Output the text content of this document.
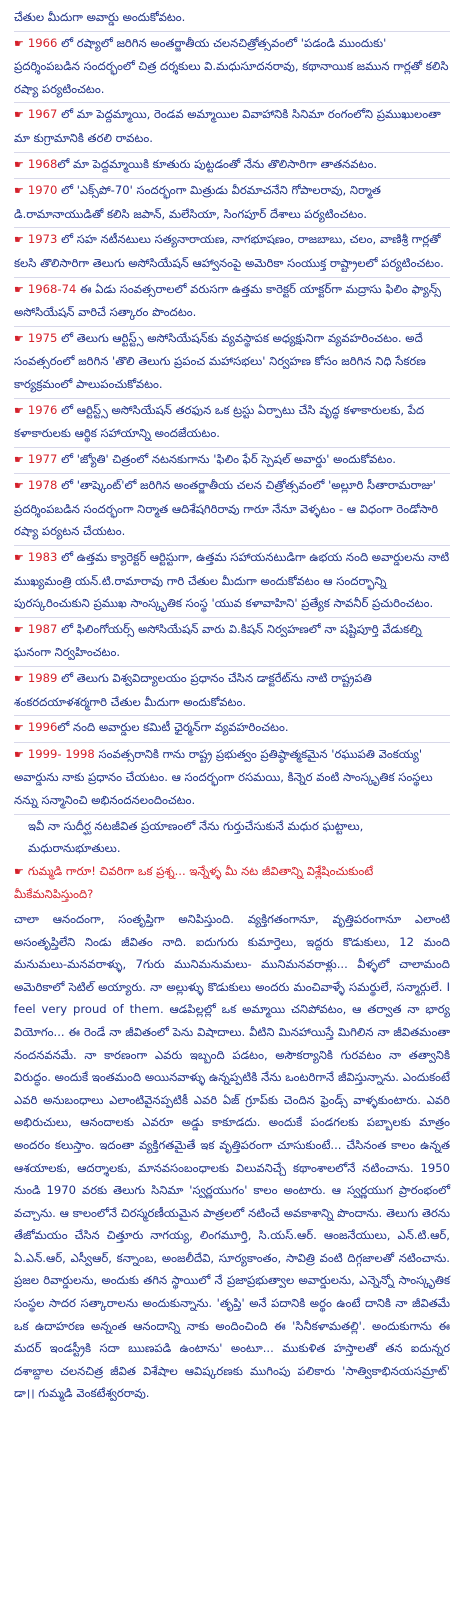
చేతుల మీదుగా అవార్డు అందుకోవటం.

☛ 1966 లో రష్యాలో జరిగిన అంతర్జాతీయ చలనచిత్రోత్సవంలో 'పడండి ముందుకు' ప్రదర్శింపబడిన సందర్భంలో చిత్ర దర్శకులు వి.మధుసూదనరావు, కథానాయిక జమున గార్లతో కలిసి రష్యా పర్యటించటం.

☛ 1967 లో మా పెద్దమ్మాయి, రెండవ అమ్మాయిల వివాహానికి సినిమా రంగంలోని ప్రముఖులంతా మా కుగ్రామానికి తరలి రావటం.

☛ 1968లో మా పెద్దమ్మాయికి కూతురు పుట్టడంతో నేను తొలిసారిగా తాతనవటం.

☛ 1970 లో 'ఎక్స్‌పో-70' సందర్భంగా మిత్రుడు వీరమాచనేని గోపాలరావు, నిర్మాత డి.రామానాయుడితో కలిసి జపాన్, మలేసియా, సింగపూర్ దేశాలు పర్యటించటం.

☛ 1973 లో సహ నటీనటులు సత్యనారాయణ, నాగభూషణం, రాజబాబు, చలం, వాణిశ్రీ గార్లతో కలసి తొలిసారిగా తెలుగు అసోసియేషన్ ఆహ్వానంపై అమెరికా సంయుక్త రాష్ట్రాలలో పర్యటించటం.

☛ 1968-74 ఈ ఏడు సంవత్సరాలలో వరుసగా ఉత్తమ కారెక్టర్ యాక్టర్‌గా మద్రాసు ఫిలిం ఫ్యాన్స్ అసోసియేషన్ వారిచే సత్కారం పొందటం.

☛ 1975 లో తెలుగు ఆర్టిస్ట్స్ అసోసియేషన్‌కు వ్యవస్థాపక అధ్యక్షునిగా వ్యవహరించటం. అదే సంవత్సరంలో జరిగిన 'తొలి తెలుగు ప్రపంచ మహాసభలు' నిర్వహణ కోసం జరిగిన నిధి సేకరణ కార్యక్రమంలో పాలుపంచుకోవటం.

☛ 1976 లో ఆర్టిస్ట్స్ అసోసియేషన్ తరఫున ఒక ట్రస్టు ఏర్పాటు చేసి వృద్ధ కళాకారులకు, పేద కళాకారులకు ఆర్థిక సహాయాన్ని అందజేయటం.

☛ 1977 లో 'జ్యోతి' చిత్రంలో నటనకుగాను 'ఫిలిం ఫేర్ స్పెషల్ అవార్డు' అందుకోవటం.

☛ 1978 లో 'తాష్కెంట్'లో జరిగిన అంతర్జాతీయ చలన చిత్రోత్సవంలో 'అల్లూరి సీతారామరాజు' ప్రదర్శింపబడిన సందర్భంగా నిర్మాత ఆదిశేషగిరిరావు గారూ నేనూ వెళ్ళటం - ఆ విధంగా రెండోసారి రష్యా పర్యటన చేయటం.

☛ 1983 లో ఉత్తమ క్యారెక్టర్ ఆర్టిస్టుగా, ఉత్తమ సహాయనటుడిగా ఉభయ నంది అవార్డులను నాటి ముఖ్యమంత్రి యన్.టి.రామారావు గారి చేతుల మీదుగా అందుకోవటం ఆ సందర్భాన్ని పురస్కరించుకుని ప్రముఖ సాంస్కృతిక సంస్థ 'యువ కళావాహిని' ప్రత్యేక సావనీర్ ప్రచురించటం.

☛ 1987 లో ఫిలింగోయర్స్ అసోసియేషన్ వారు వి.కిషన్ నిర్వహణలో నా షష్టిపూర్తి వేడుకల్ని ఘనంగా నిర్వహించటం.

☛ 1989 లో తెలుగు విశ్వవిద్యాలయం ప్రధానం చేసిన డాక్టరేట్‌ను నాటి రాష్ట్రపతి శంకరదయాళశర్మగారి చేతుల మీదుగా అందుకోవటం.

☛ 1996లో నంది అవార్డుల కమిటీ ఛైర్మన్‌గా వ్యవహరించటం.

☛ 1999- 1998 సంవత్సరానికి గాను రాష్ట్ర ప్రభుత్వం ప్రతిష్ఠాత్మకమైన 'రఘుపతి వెంకయ్య' అవార్డును నాకు ప్రధానం చేయటం. ఆ సందర్భంగా రసమయి, కిన్నెర వంటి సాంస్కృతిక సంస్థలు నన్ను సన్మానించి అభినందనలందించటం.

ఇవీ నా సుదీర్ఘ నటజీవిత ప్రయాణంలో నేను గుర్తుచేసుకునే మధుర ఘట్టాలు, మధురానుభూతులు.

☛ గుమ్మడి గారూ! చివరిగా ఒక ప్రశ్న... ఇన్నేళ్ళ మీ నట జీవితాన్ని విశ్లేషించుకుంటే మీకేమనిపిస్తుంది?

చాలా ఆనందంగా, సంతృప్తిగా అనిపిస్తుంది. వ్యక్తిగతంగానూ, వృత్తిపరంగానూ ఎలాంటి అసంతృప్తిలేని నిండు జీవితం నాది. ఐదుగురు కుమార్తెలు, ఇద్దరు కొడుకులు, 12 మంది మనుమలు-మనవరాళ్ళు, 7గురు మునిమనుమలు- మునిమనవరాళ్లు... వీళ్ళలో చాలామంది అమెరికాలో సెటిల్ అయ్యారు. నా అల్లుళ్ళు కొడుకులు అందరు మంచివాళ్ళే సమర్థులే, సన్మార్గులే. I feel very proud of them. ఆడపిల్లల్లో ఒక అమ్మాయి చనిపోవటం, ఆ తర్వాత నా భార్య వియోగం... ఈ రెండే నా జీవితంలో పెను విషాదాలు. వీటిని మినహాయిస్తే మిగిలిన నా జీవితమంతా నందనవనమే. నా కారణంగా ఎవరు ఇబ్బంది పడటం, అసౌకర్యానికి గురవటం నా తత్వానికి విరుద్ధం. అందుకే ఇంతమంది అయినవాళ్ళు ఉన్నప్పటికి నేను ఒంటరిగానే జీవిస్తున్నాను. ఎందుకంటే ఎవరి అనుబంధాలు ఎలాంటివైనప్పటికీ ఎవరి ఏజ్ గ్రూప్‌కు చెందిన ఫ్రెండ్స్ వాళ్ళకుంటారు. ఎవరి అభిరుచులు, ఆనందాలకు ఎవరూ అడ్డు కాకూడదు. అందుకే పండగలకు పబ్బాలకు మాత్రం అందరం కలుస్తాం. ఇదంతా వ్యక్తిగతమైతే ఇక వృత్తిపరంగా చూసుకుంటే... చేసినంత కాలం ఉన్నత ఆశయాలకు, ఆదర్శాలకు, మానవసంబంధాలకు విలువనిచ్చే కథాంశాలలోనే నటించాను. 1950 నుండి 1970 వరకు తెలుగు సినిమా 'స్వర్ణయుగం' కాలం అంటారు. ఆ స్వర్ణయుగ ప్రారంభంలో వచ్చాను. ఆ కాలంలోనే చిరస్మరణీయమైన పాత్రలలో నటించే అవకాశాన్ని పొందాను. తెలుగు తెరను తేజోమయం చేసిన చిత్తూరు నాగయ్య, లింగమూర్తి, సి.యస్.ఆర్. ఆంజనేయులు, ఎన్.టి.ఆర్, ఏ.ఎన్.ఆర్, ఎస్వీఆర్, కన్నాంబ, అంజలీదేవి, సూర్యకాంతం, సావిత్రి వంటి దిగ్గజాలతో నటించాను. ప్రజల రివార్డులను, అందుకు తగిన స్థాయిలో నే ప్రజాప్రభుత్వాల అవార్డులను, ఎన్నెన్నో సాంస్కృతిక సంస్థల సాదర సత్కారాలను అందుకున్నాను. 'తృప్తి' అనే పదానికి అర్థం ఉంటే దానికి నా జీవితమే ఒక ఉదాహరణ అన్నంత ఆనందాన్ని నాకు అందించింది ఈ 'సినీకళామతల్లి'. అందుకుగాను ఈ మదర్ ఇండస్ట్రీకి సదా ఋణపడి ఉంటాను' అంటూ... ముకుళిత హస్తాలతో తన ఐదున్నర దశాబ్దాల చలనచిత్ర జీవిత విశేషాల ఆవిష్కరణకు ముగింపు పలికారు 'సాత్వికాభినయసమ్రాట్' డా।। గుమ్మడి వెంకటేశ్వరరావు.
